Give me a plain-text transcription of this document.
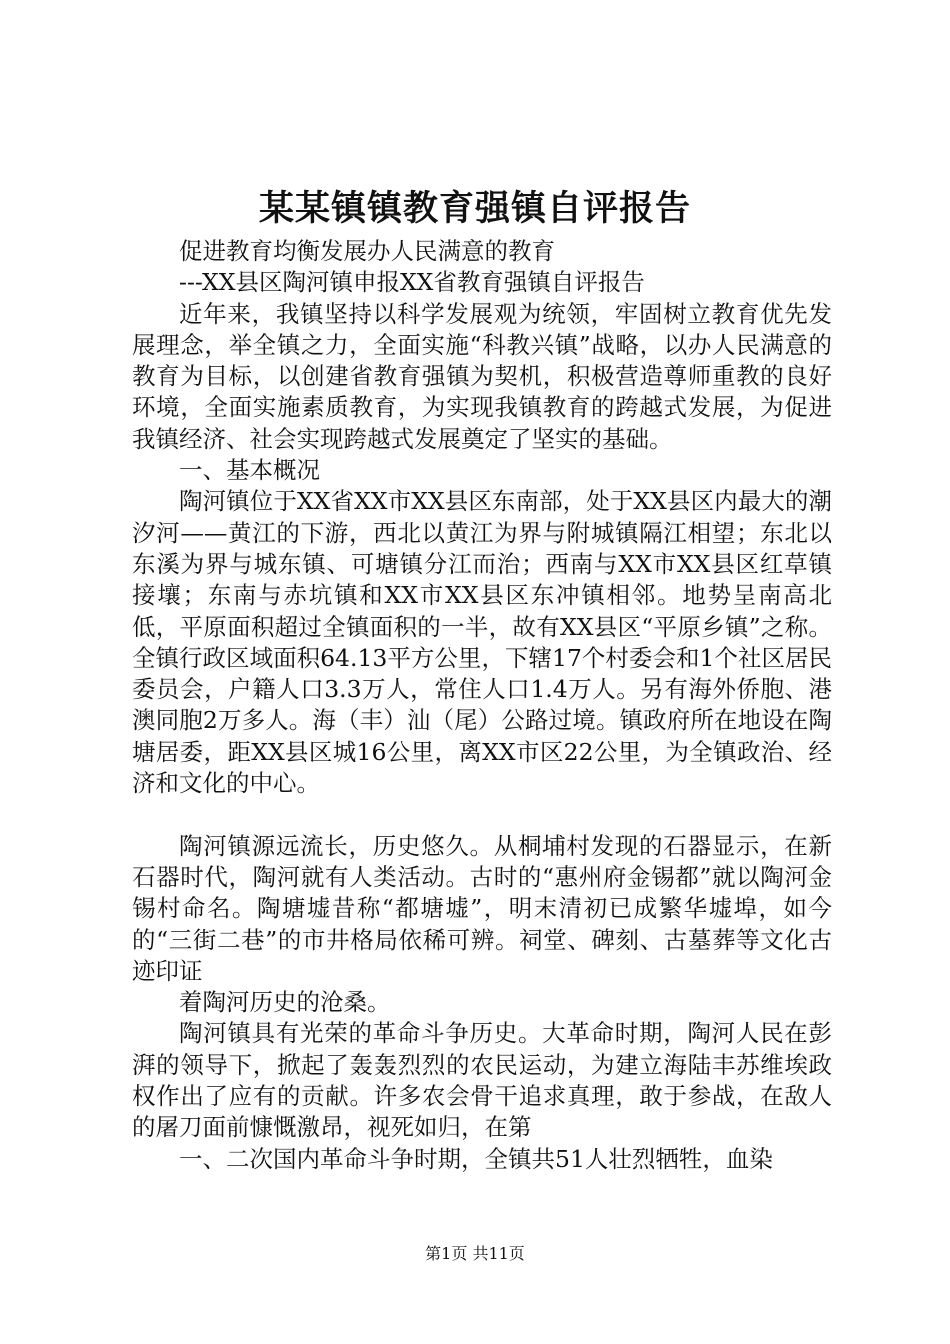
某某镇镇教育强镇自评报告

促进教育均衡发展办人民满意的教育

---XX县区陶河镇申报XX省教育强镇自评报告

近年来，我镇坚持以科学发展观为统领，牢固树立教育优先发展理念，举全镇之力，全面实施“科教兴镇”战略，以办人民满意的教育为目标，以创建省教育强镇为契机，积极营造尊师重教的良好环境，全面实施素质教育，为实现我镇教育的跨越式发展，为促进我镇经济、社会实现跨越式发展奠定了坚实的基础。

一、基本概况

陶河镇位于XX省XX市XX县区东南部，处于XX县区内最大的潮汐河——黄江的下游，西北以黄江为界与附城镇隔江相望；东北以东溪为界与城东镇、可塘镇分江而治；西南与XX市XX县区红草镇接壤；东南与赤坑镇和XX市XX县区东冲镇相邻。地势呈南高北低，平原面积超过全镇面积的一半，故有XX县区“平原乡镇”之称。全镇行政区域面积64.13平方公里，下辖17个村委会和1个社区居民委员会，户籍人口3.3万人，常住人口1.4万人。另有海外侨胞、港澳同胞2万多人。海（丰）汕（尾）公路过境。镇政府所在地设在陶塘居委，距XX县区城16公里，离XX市区22公里，为全镇政治、经济和文化的中心。

陶河镇源远流长，历史悠久。从桐埔村发现的石器显示，在新石器时代，陶河就有人类活动。古时的“惠州府金锡都”就以陶河金锡村命名。陶塘墟昔称“都塘墟”，明末清初已成繁华墟埠，如今的“三街二巷”的市井格局依稀可辨。祠堂、碑刻、古墓葬等文化古迹印证

着陶河历史的沧桑。

陶河镇具有光荣的革命斗争历史。大革命时期，陶河人民在彭湃的领导下，掀起了轰轰烈烈的农民运动，为建立海陆丰苏维埃政权作出了应有的贡献。许多农会骨干追求真理，敢于参战，在敌人的屠刀面前慷慨激昂，视死如归，在第

一、二次国内革命斗争时期，全镇共51人壮烈牺牲，血染

第1页 共11页
